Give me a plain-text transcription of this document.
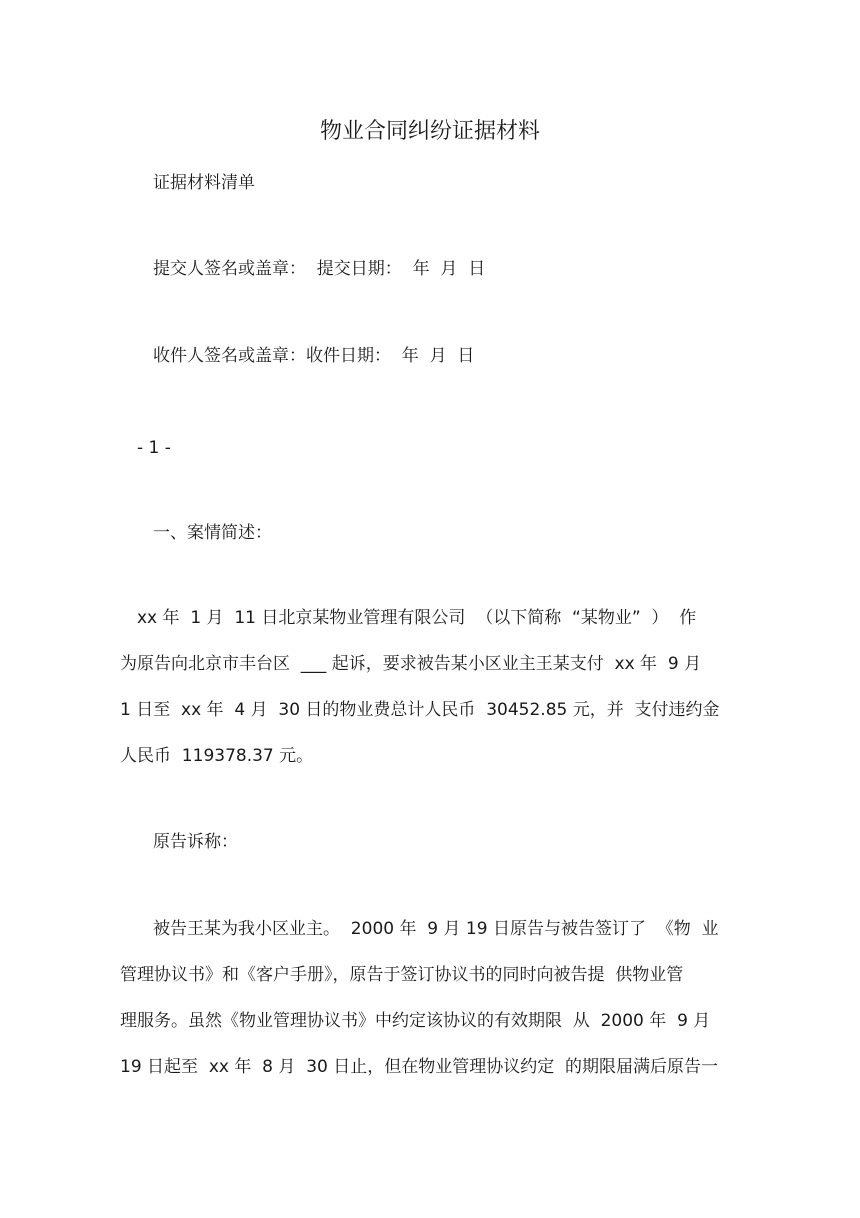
物业合同纠纷证据材料

证据材料清单

提交人签名或盖章：  提交日期：  年  月  日

收件人签名或盖章：收件日期：  年  月  日

- 1 -

一、案情简述：

xx 年  1 月  11 日北京某物业管理有限公司  （以下简称  “某物业”  ）  作
为原告向北京市丰台区  ___ 起诉，要求被告某小区业主王某支付  xx 年  9 月
1 日至  xx 年  4 月  30 日的物业费总计人民币  30452.85 元，并  支付违约金
人民币  119378.37 元。

原告诉称：

被告王某为我小区业主。  2000 年  9 月 19 日原告与被告签订了  《物  业
管理协议书》和《客户手册》，原告于签订协议书的同时向被告提  供物业管
理服务。虽然《物业管理协议书》中约定该协议的有效期限  从  2000 年  9 月
19 日起至  xx 年  8 月  30 日止，但在物业管理协议约定  的期限届满后原告一
